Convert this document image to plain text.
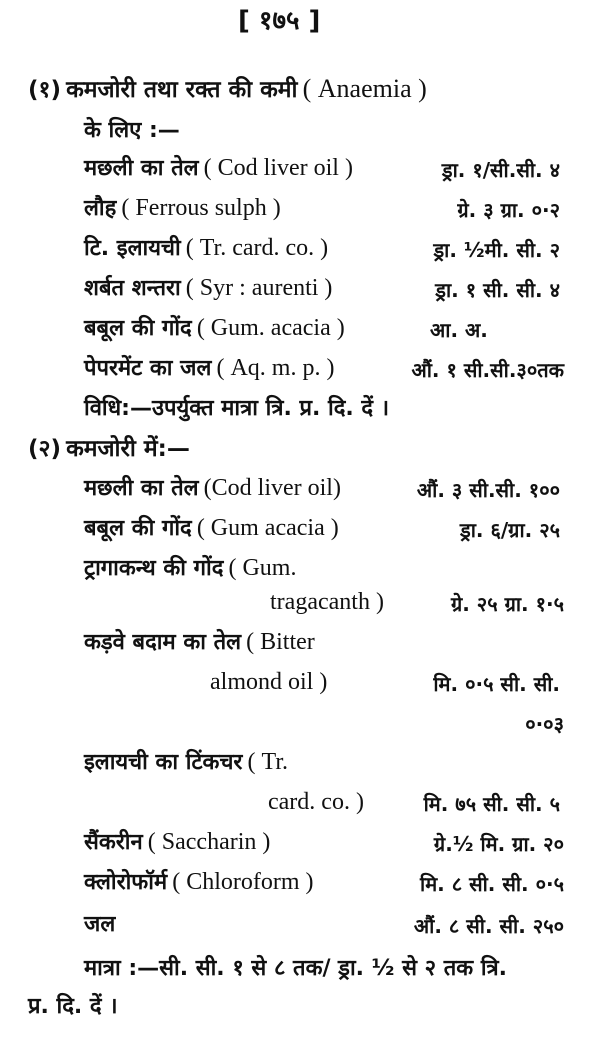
[ १७५ ]
(१) कमजोरी तथा रक्त की कमी ( Anaemia )
के लिए :—
मछली का तेल ( Cod liver oil )	ड्रा. १/सी.सी. ४
लौह ( Ferrous sulph )	ग्रे. ३ ग्रा. ०·२
टि. इलायची ( Tr. card. co. )	ड्रा. ½मी. सी. २
शर्बत शन्तरा ( Syr : aurenti )	ड्रा. १ सी. सी. ४
बबूल की गोंद ( Gum. acacia )	आ. अ.
पेपरमेंट का जल ( Aq. m. p. )	औं. १ सी.सी.३०तक
विधि:—उपर्युक्त मात्रा त्रि. प्र. दि. दें ।
(२) कमजोरी में:—
मछली का तेल (Cod liver oil)	औं. ३ सी.सी. १००
बबूल की गोंद ( Gum acacia )	ड्रा. ६/ग्रा. २५
ट्रागाकन्थ की गोंद ( Gum.
tragacanth )	ग्रे. २५ ग्रा. १·५
कड़वे बदाम का तेल ( Bitter
almond oil )	मि. ०·५ सी. सी.
०·०३
इलायची का टिंकचर ( Tr.
card. co. )	मि. ७५ सी. सी. ५
सैंकरीन ( Saccharin )	ग्रे.½ मि. ग्रा. २०
क्लोरोफॉर्म ( Chloroform )	मि. ८ सी. सी. ०·५
जल	औं. ८ सी. सी. २५०
मात्रा :—सी. सी. १ से ८ तक/ ड्रा. ½ से २ तक त्रि.
प्र. दि. दें ।
